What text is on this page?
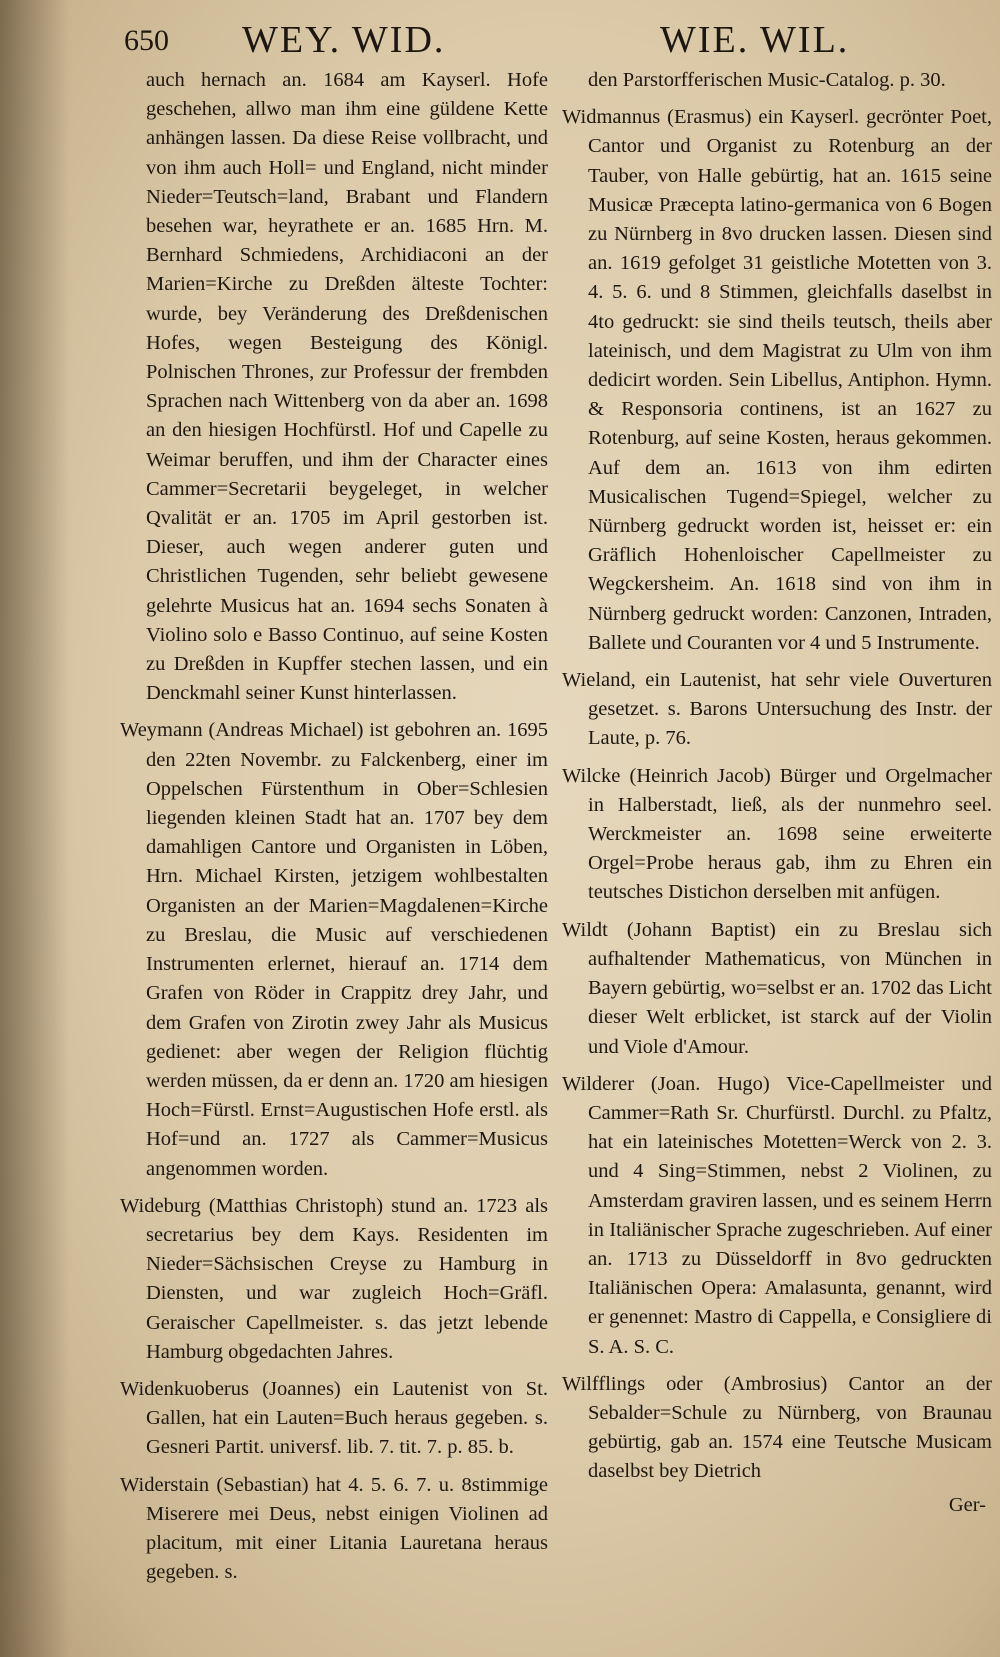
650 WEY. WID.	WIE. WIL.

auch hernach an. 1684 am Kayserl. Hofe geschehen, allwo man ihm eine güldene Kette anhängen lassen. Da diese Reise vollbracht, und von ihm auch Holl= und England, nicht minder Nieder=Teutsch=land, Brabant und Flandern besehen war, heyrathete er an. 1685 Hrn. M. Bernhard Schmiedens, Archidiaconi an der Marien=Kirche zu Dreßden älteste Tochter: wurde, bey Veränderung des Dreßdenischen Hofes, wegen Besteigung des Königl. Polnischen Thrones, zur Professur der frembden Sprachen nach Wittenberg von da aber an. 1698 an den hiesigen Hochfürstl. Hof und Capelle zu Weimar beruffen, und ihm der Character eines Cammer=Secretarii beygeleget, in welcher Qvalität er an. 1705 im April gestorben ist. Dieser, auch wegen anderer guten und Christlichen Tugenden, sehr beliebt gewesene gelehrte Musicus hat an. 1694 sechs Sonaten à Violino solo e Basso Continuo, auf seine Kosten zu Dreßden in Kupffer stechen lassen, und ein Denckmahl seiner Kunst hinterlassen.

Weymann (Andreas Michael) ist gebohren an. 1695 den 22ten Novembr. zu Falckenberg, einer im Oppelschen Fürstenthum in Ober=Schlesien liegenden kleinen Stadt hat an. 1707 bey dem damahligen Cantore und Organisten in Löben, Hrn. Michael Kirsten, jetzigem wohlbestalten Organisten an der Marien=Magdalenen=Kirche zu Breslau, die Music auf verschiedenen Instrumenten erlernet, hierauf an. 1714 dem Grafen von Röder in Crappitz drey Jahr, und dem Grafen von Zirotin zwey Jahr als Musicus gedienet: aber wegen der Religion flüchtig werden müssen, da er denn an. 1720 am hiesigen Hoch=Fürstl. Ernst=Augustischen Hofe erstl. als Hof=und an. 1727 als Cammer=Musicus angenommen worden.

Wideburg (Matthias Christoph) stund an. 1723 als secretarius bey dem Kays. Residenten im Nieder=Sächsischen Creyse zu Hamburg in Diensten, und war zugleich Hoch=Gräfl. Geraischer Capellmeister. s. das jetzt lebende Hamburg obgedachten Jahres.

Widenkuoberus (Joannes) ein Lautenist von St. Gallen, hat ein Lauten=Buch heraus gegeben. s. Gesneri Partit. universf. lib. 7. tit. 7. p. 85. b.

Widerstain (Sebastian) hat 4. 5. 6. 7. u. 8stimmige Miserere mei Deus, nebst einigen Violinen ad placitum, mit einer Litania Lauretana heraus gegeben. s.

den Parstorfferischen Music-Catalog. p. 30.

Widmannus (Erasmus) ein Kayserl. gecrönter Poet, Cantor und Organist zu Rotenburg an der Tauber, von Halle gebürtig, hat an. 1615 seine Musicæ Præcepta latino-germanica von 6 Bogen zu Nürnberg in 8vo drucken lassen. Diesen sind an. 1619 gefolget 31 geistliche Motetten von 3. 4. 5. 6. und 8 Stimmen, gleichfalls daselbst in 4to gedruckt: sie sind theils teutsch, theils aber lateinisch, und dem Magistrat zu Ulm von ihm dedicirt worden. Sein Libellus, Antiphon. Hymn. & Responsoria continens, ist an 1627 zu Rotenburg, auf seine Kosten, heraus gekommen. Auf dem an. 1613 von ihm edirten Musicalischen Tugend=Spiegel, welcher zu Nürnberg gedruckt worden ist, heisset er: ein Gräflich Hohenloischer Capellmeister zu Wegckersheim. An. 1618 sind von ihm in Nürnberg gedruckt worden: Canzonen, Intraden, Ballete und Couranten vor 4 und 5 Instrumente.

Wieland, ein Lautenist, hat sehr viele Ouverturen gesetzet. s. Barons Untersuchung des Instr. der Laute, p. 76.

Wilcke (Heinrich Jacob) Bürger und Orgelmacher in Halberstadt, ließ, als der nunmehro seel. Werckmeister an. 1698 seine erweiterte Orgel=Probe heraus gab, ihm zu Ehren ein teutsches Distichon derselben mit anfügen.

Wildt (Johann Baptist) ein zu Breslau sich aufhaltender Mathematicus, von München in Bayern gebürtig, wo=selbst er an. 1702 das Licht dieser Welt erblicket, ist starck auf der Violin und Viole d'Amour.

Wilderer (Joan. Hugo) Vice-Capellmeister und Cammer=Rath Sr. Churfürstl. Durchl. zu Pfaltz, hat ein lateinisches Motetten=Werck von 2. 3. und 4 Sing=Stimmen, nebst 2 Violinen, zu Amsterdam graviren lassen, und es seinem Herrn in Italiänischer Sprache zugeschrieben. Auf einer an. 1713 zu Düsseldorff in 8vo gedruckten Italiänischen Opera: Amalasunta, genannt, wird er genennet: Mastro di Cappella, e Consigliere di S. A. S. C.

Wilfflings oder (Ambrosius) Cantor an der Sebalder=Schule zu Nürnberg, von Braunau gebürtig, gab an. 1574 eine Teutsche Musicam daselbst bey Dietrich

Ger-
